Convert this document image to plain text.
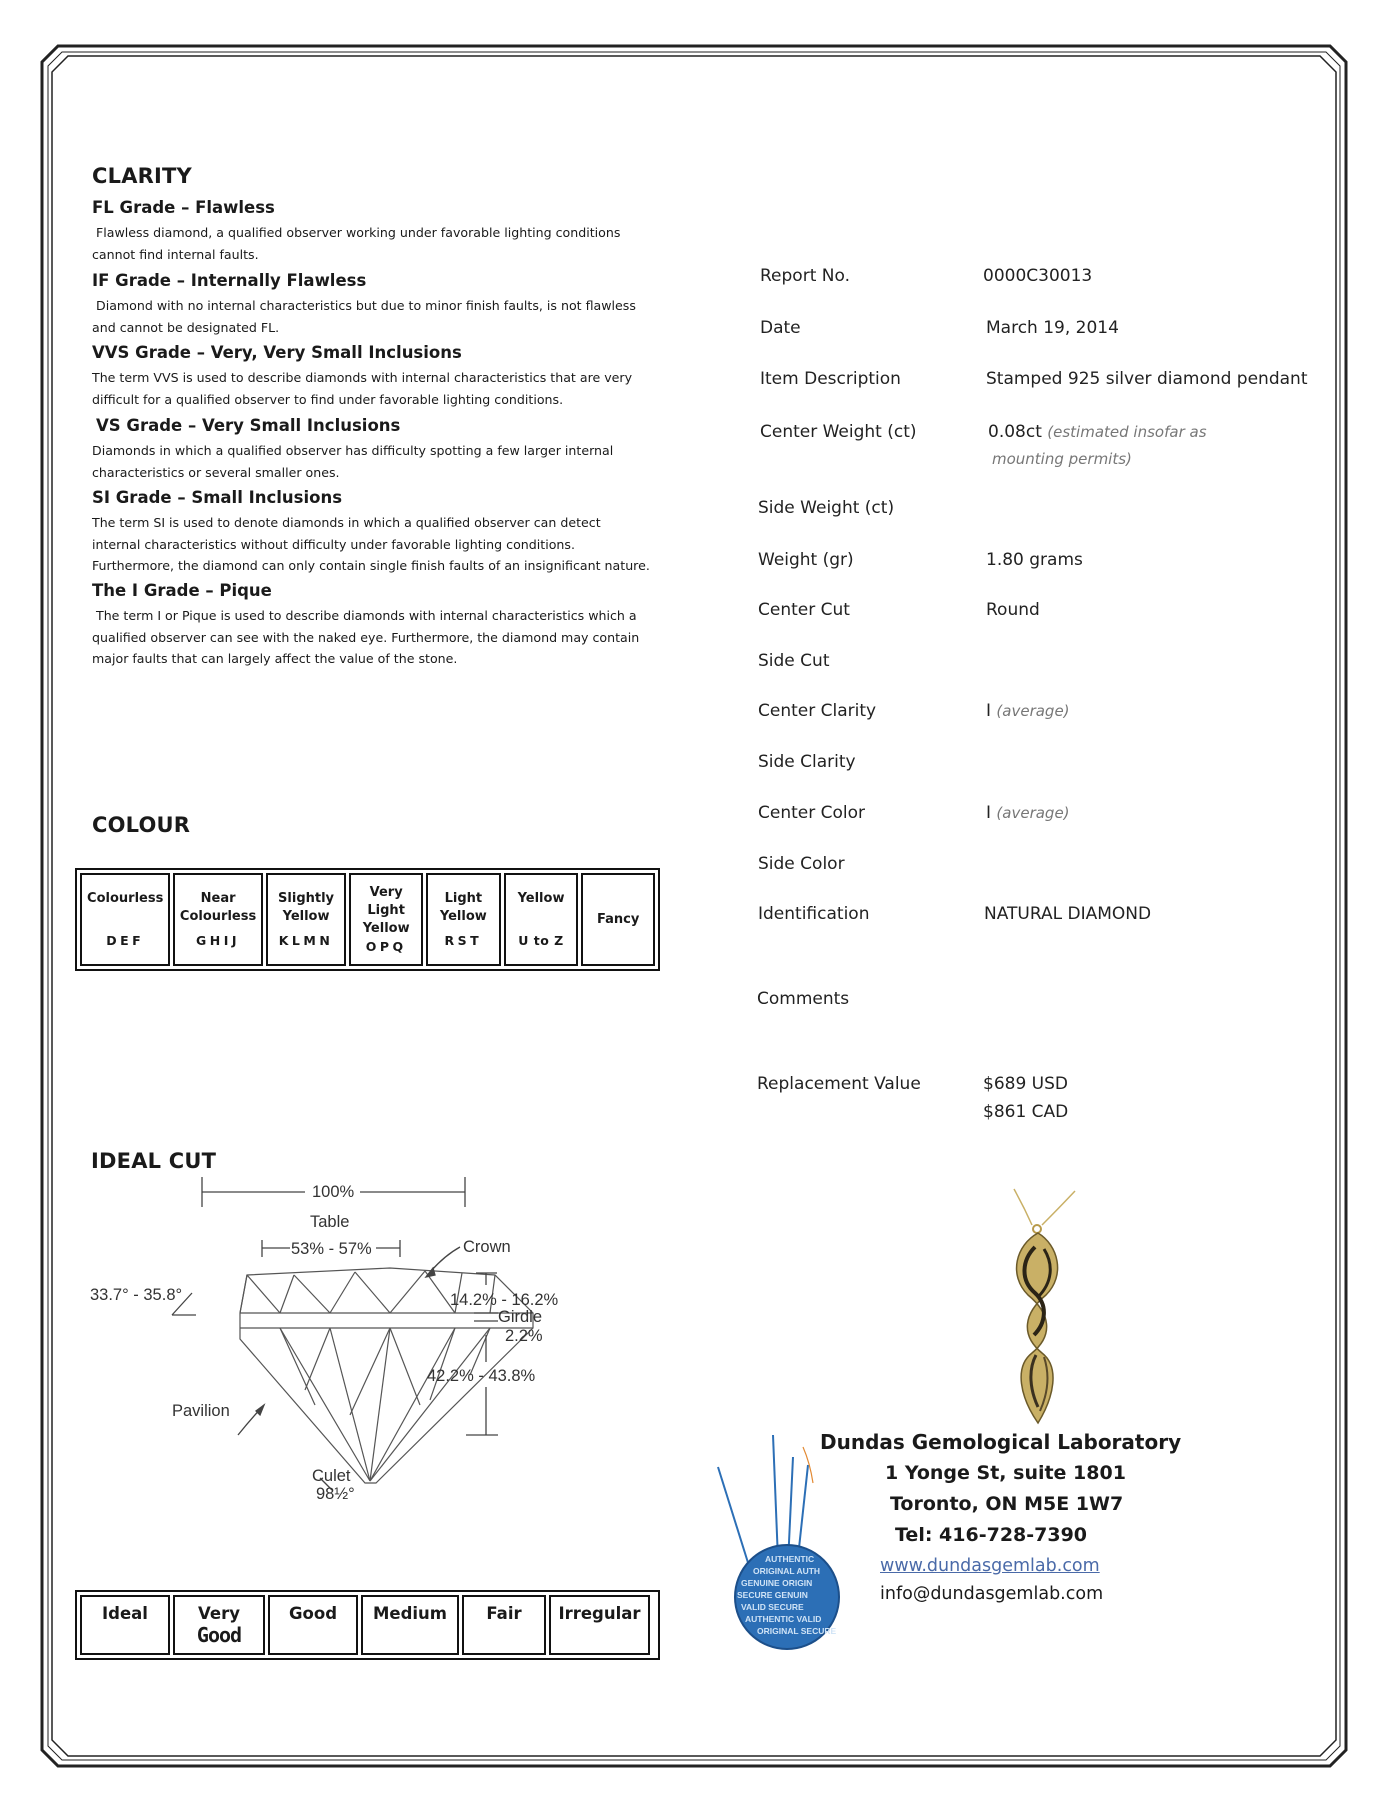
CLARITY
FL Grade – Flawless
Flawless diamond, a qualified observer working under favorable lighting conditions cannot find internal faults.
IF Grade – Internally Flawless
Diamond with no internal characteristics but due to minor finish faults, is not flawless and cannot be designated FL.
VVS Grade – Very, Very Small Inclusions
The term VVS is used to describe diamonds with internal characteristics that are very difficult for a qualified observer to find under favorable lighting conditions.
VS Grade – Very Small Inclusions
Diamonds in which a qualified observer has difficulty spotting a few larger internal characteristics or several smaller ones.
SI Grade – Small Inclusions
The term SI is used to denote diamonds in which a qualified observer can detect internal characteristics without difficulty under favorable lighting conditions. Furthermore, the diamond can only contain single finish faults of an insignificant nature.
The I Grade – Pique
The term I or Pique is used to describe diamonds with internal characteristics which a qualified observer can see with the naked eye. Furthermore, the diamond may contain major faults that can largely affect the value of the stone.
COLOUR
Colourless
DEF
Near
Colourless
GHIJ
Slightly
Yellow
KLMN
Very
Light
Yellow
OPQ
Light
Yellow
RST
Yellow
U to Z
Fancy
IDEAL CUT
100%
Table
53% - 57%	Crown
33.7° - 35.8°	14.2% - 16.2%
Girdle
2.2%
42.2% - 43.8%
Pavilion
Culet
98½°
Ideal	Very
Good
Good Medium Fair Irregular
Report No.	0000C30013
Date	March 19, 2014
Item Description	Stamped 925 silver diamond pendant
Center Weight (ct)	0.08ct (estimated insofar as
mounting permits)
Side Weight (ct)
Weight (gr)	1.80 grams
Center Cut	Round
Side Cut
Center Clarity	I (average)
Side Clarity
Center Color	I (average)
Side Color
Identification	NATURAL DIAMOND
Comments
Replacement Value	$689 USD
$861 CAD
AUTHENTIC
ORIGINAL AUTH
GENUINE ORIGIN
SECURE GENUIN
VALID SECURE
AUTHENTIC VALID
ORIGINAL SECURE
Dundas Gemological Laboratory
1 Yonge St, suite 1801
Toronto, ON M5E 1W7
Tel: 416-728-7390
www.dundasgemlab.com
info@dundasgemlab.com
